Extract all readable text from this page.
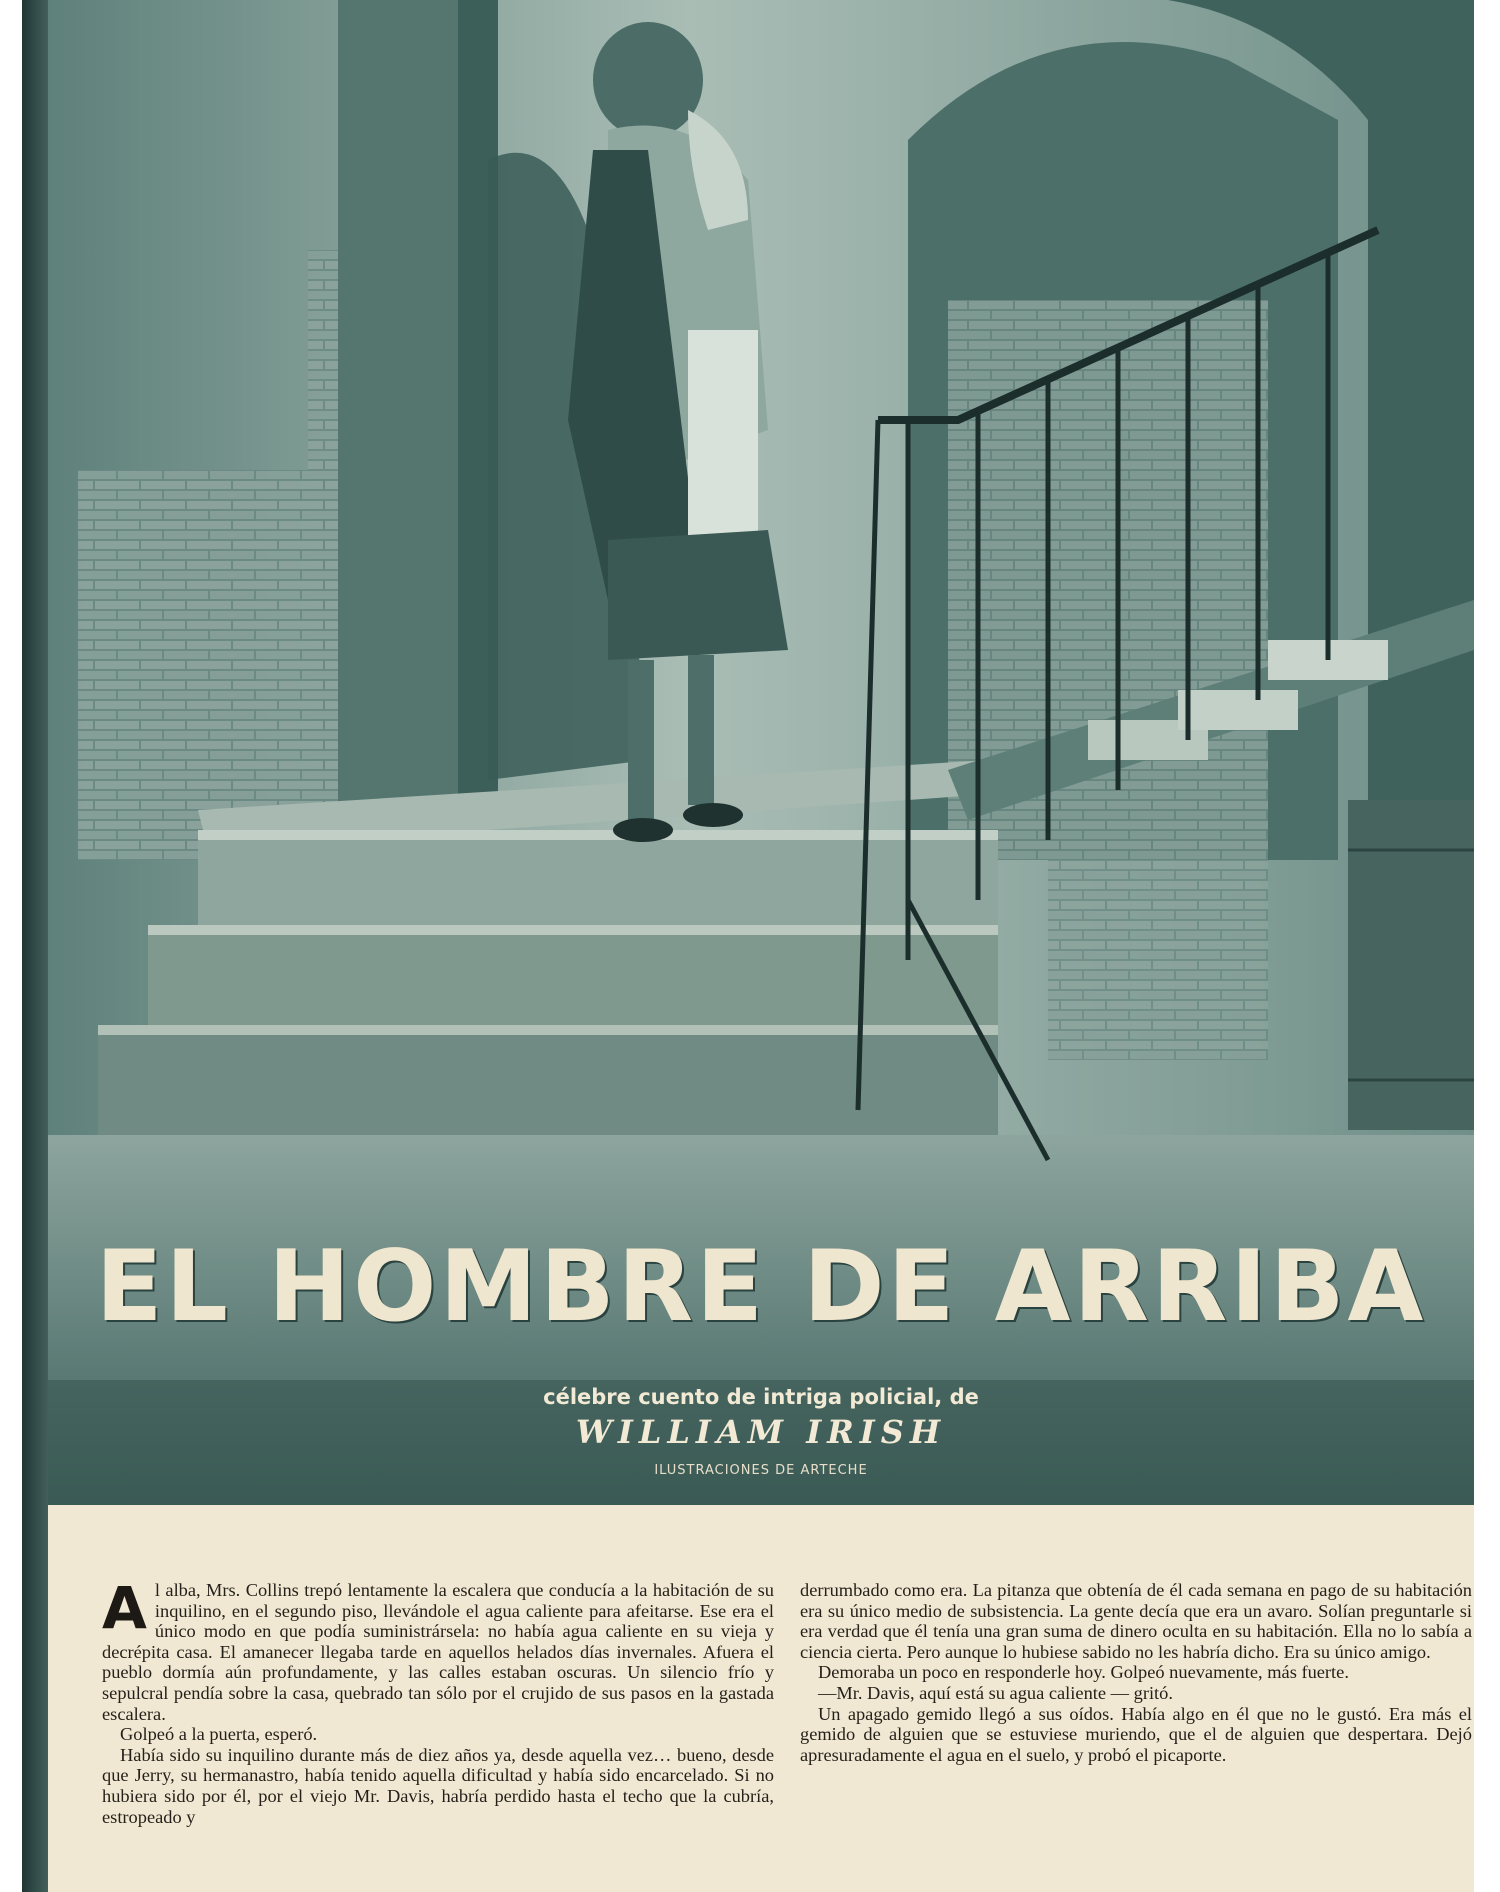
EL HOMBRE DE ARRIBA
célebre cuento de intriga policial, de
WILLIAM IRISH
ILUSTRACIONES DE ARTECHE

Al alba, Mrs. Collins trepó lentamente la escalera que conducía a la habitación de su inquilino, en el segundo piso, llevándole el agua caliente para afeitarse. Ese era el único modo en que podía suministrársela: no había agua caliente en su vieja y decrépita casa. El amanecer llegaba tarde en aquellos helados días invernales. Afuera el pueblo dormía aún profundamente, y las calles estaban oscuras. Un silencio frío y sepulcral pendía sobre la casa, quebrado tan sólo por el crujido de sus pasos en la gastada escalera.

Golpeó a la puerta, esperó.

Había sido su inquilino durante más de diez años ya, desde aquella vez… bueno, desde que Jerry, su hermanastro, había tenido aquella dificultad y había sido encarcelado. Si no hubiera sido por él, por el viejo Mr. Davis, habría perdido hasta el techo que la cubría, estropeado y

derrumbado como era. La pitanza que obtenía de él cada semana en pago de su habitación era su único medio de subsistencia. La gente decía que era un avaro. Solían preguntarle si era verdad que él tenía una gran suma de dinero oculta en su habitación. Ella no lo sabía a ciencia cierta. Pero aunque lo hubiese sabido no les habría dicho. Era su único amigo.

Demoraba un poco en responderle hoy. Golpeó nuevamente, más fuerte.

—Mr. Davis, aquí está su agua caliente — gritó.

Un apagado gemido llegó a sus oídos. Había algo en él que no le gustó. Era más el gemido de alguien que se estuviese muriendo, que el de alguien que despertara. Dejó apresuradamente el agua en el suelo, y probó el picaporte.
